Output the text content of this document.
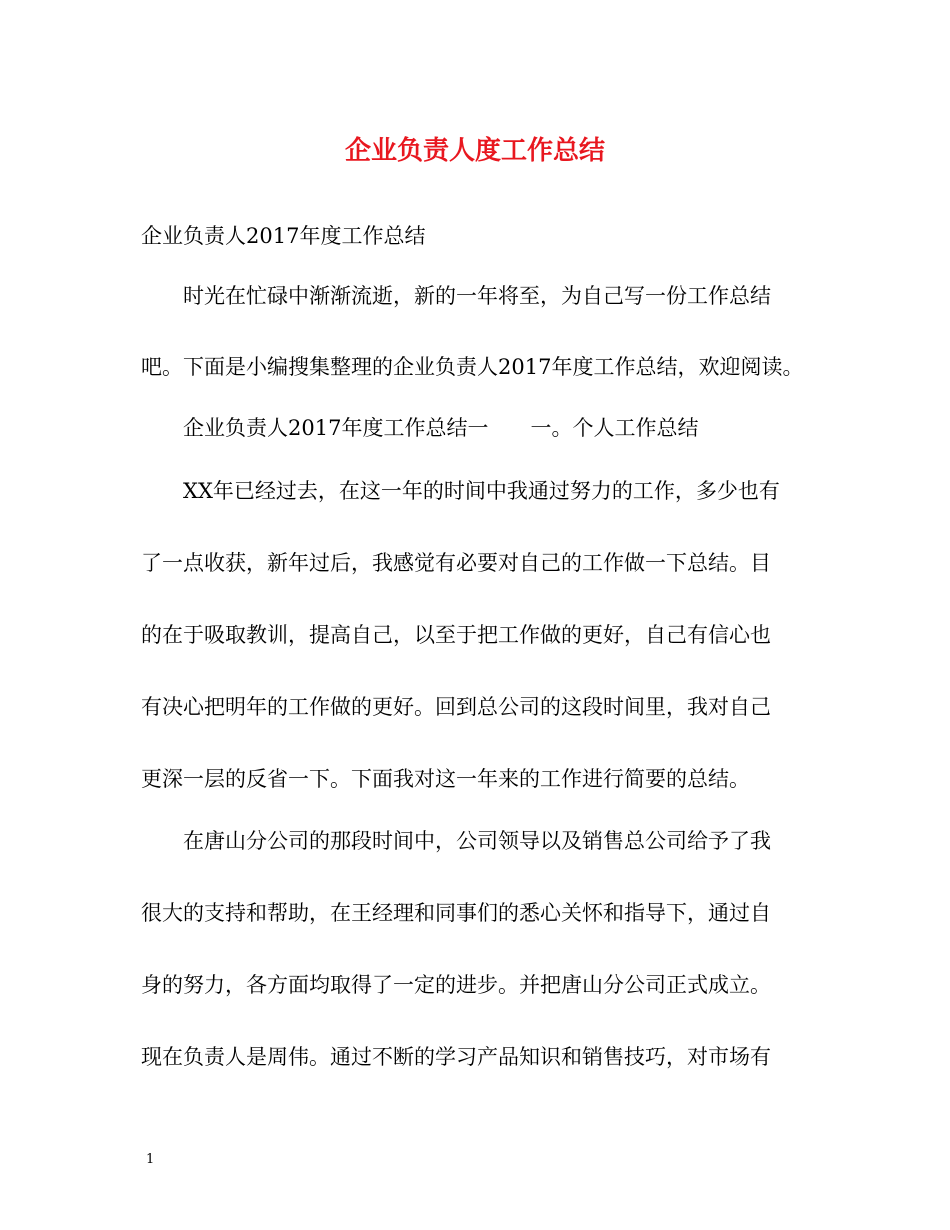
企业负责人度工作总结
企业负责人2017年度工作总结
时光在忙碌中渐渐流逝，新的一年将至，为自己写一份工作总结
吧。下面是小编搜集整理的企业负责人2017年度工作总结，欢迎阅读。
企业负责人2017年度工作总结一 一。个人工作总结
XX年已经过去，在这一年的时间中我通过努力的工作，多少也有
了一点收获，新年过后，我感觉有必要对自己的工作做一下总结。目
的在于吸取教训，提高自己，以至于把工作做的更好，自己有信心也
有决心把明年的工作做的更好。回到总公司的这段时间里，我对自己
更深一层的反省一下。下面我对这一年来的工作进行简要的总结。
在唐山分公司的那段时间中，公司领导以及销售总公司给予了我
很大的支持和帮助，在王经理和同事们的悉心关怀和指导下，通过自
身的努力，各方面均取得了一定的进步。并把唐山分公司正式成立。
现在负责人是周伟。通过不断的学习产品知识和销售技巧，对市场有
1
